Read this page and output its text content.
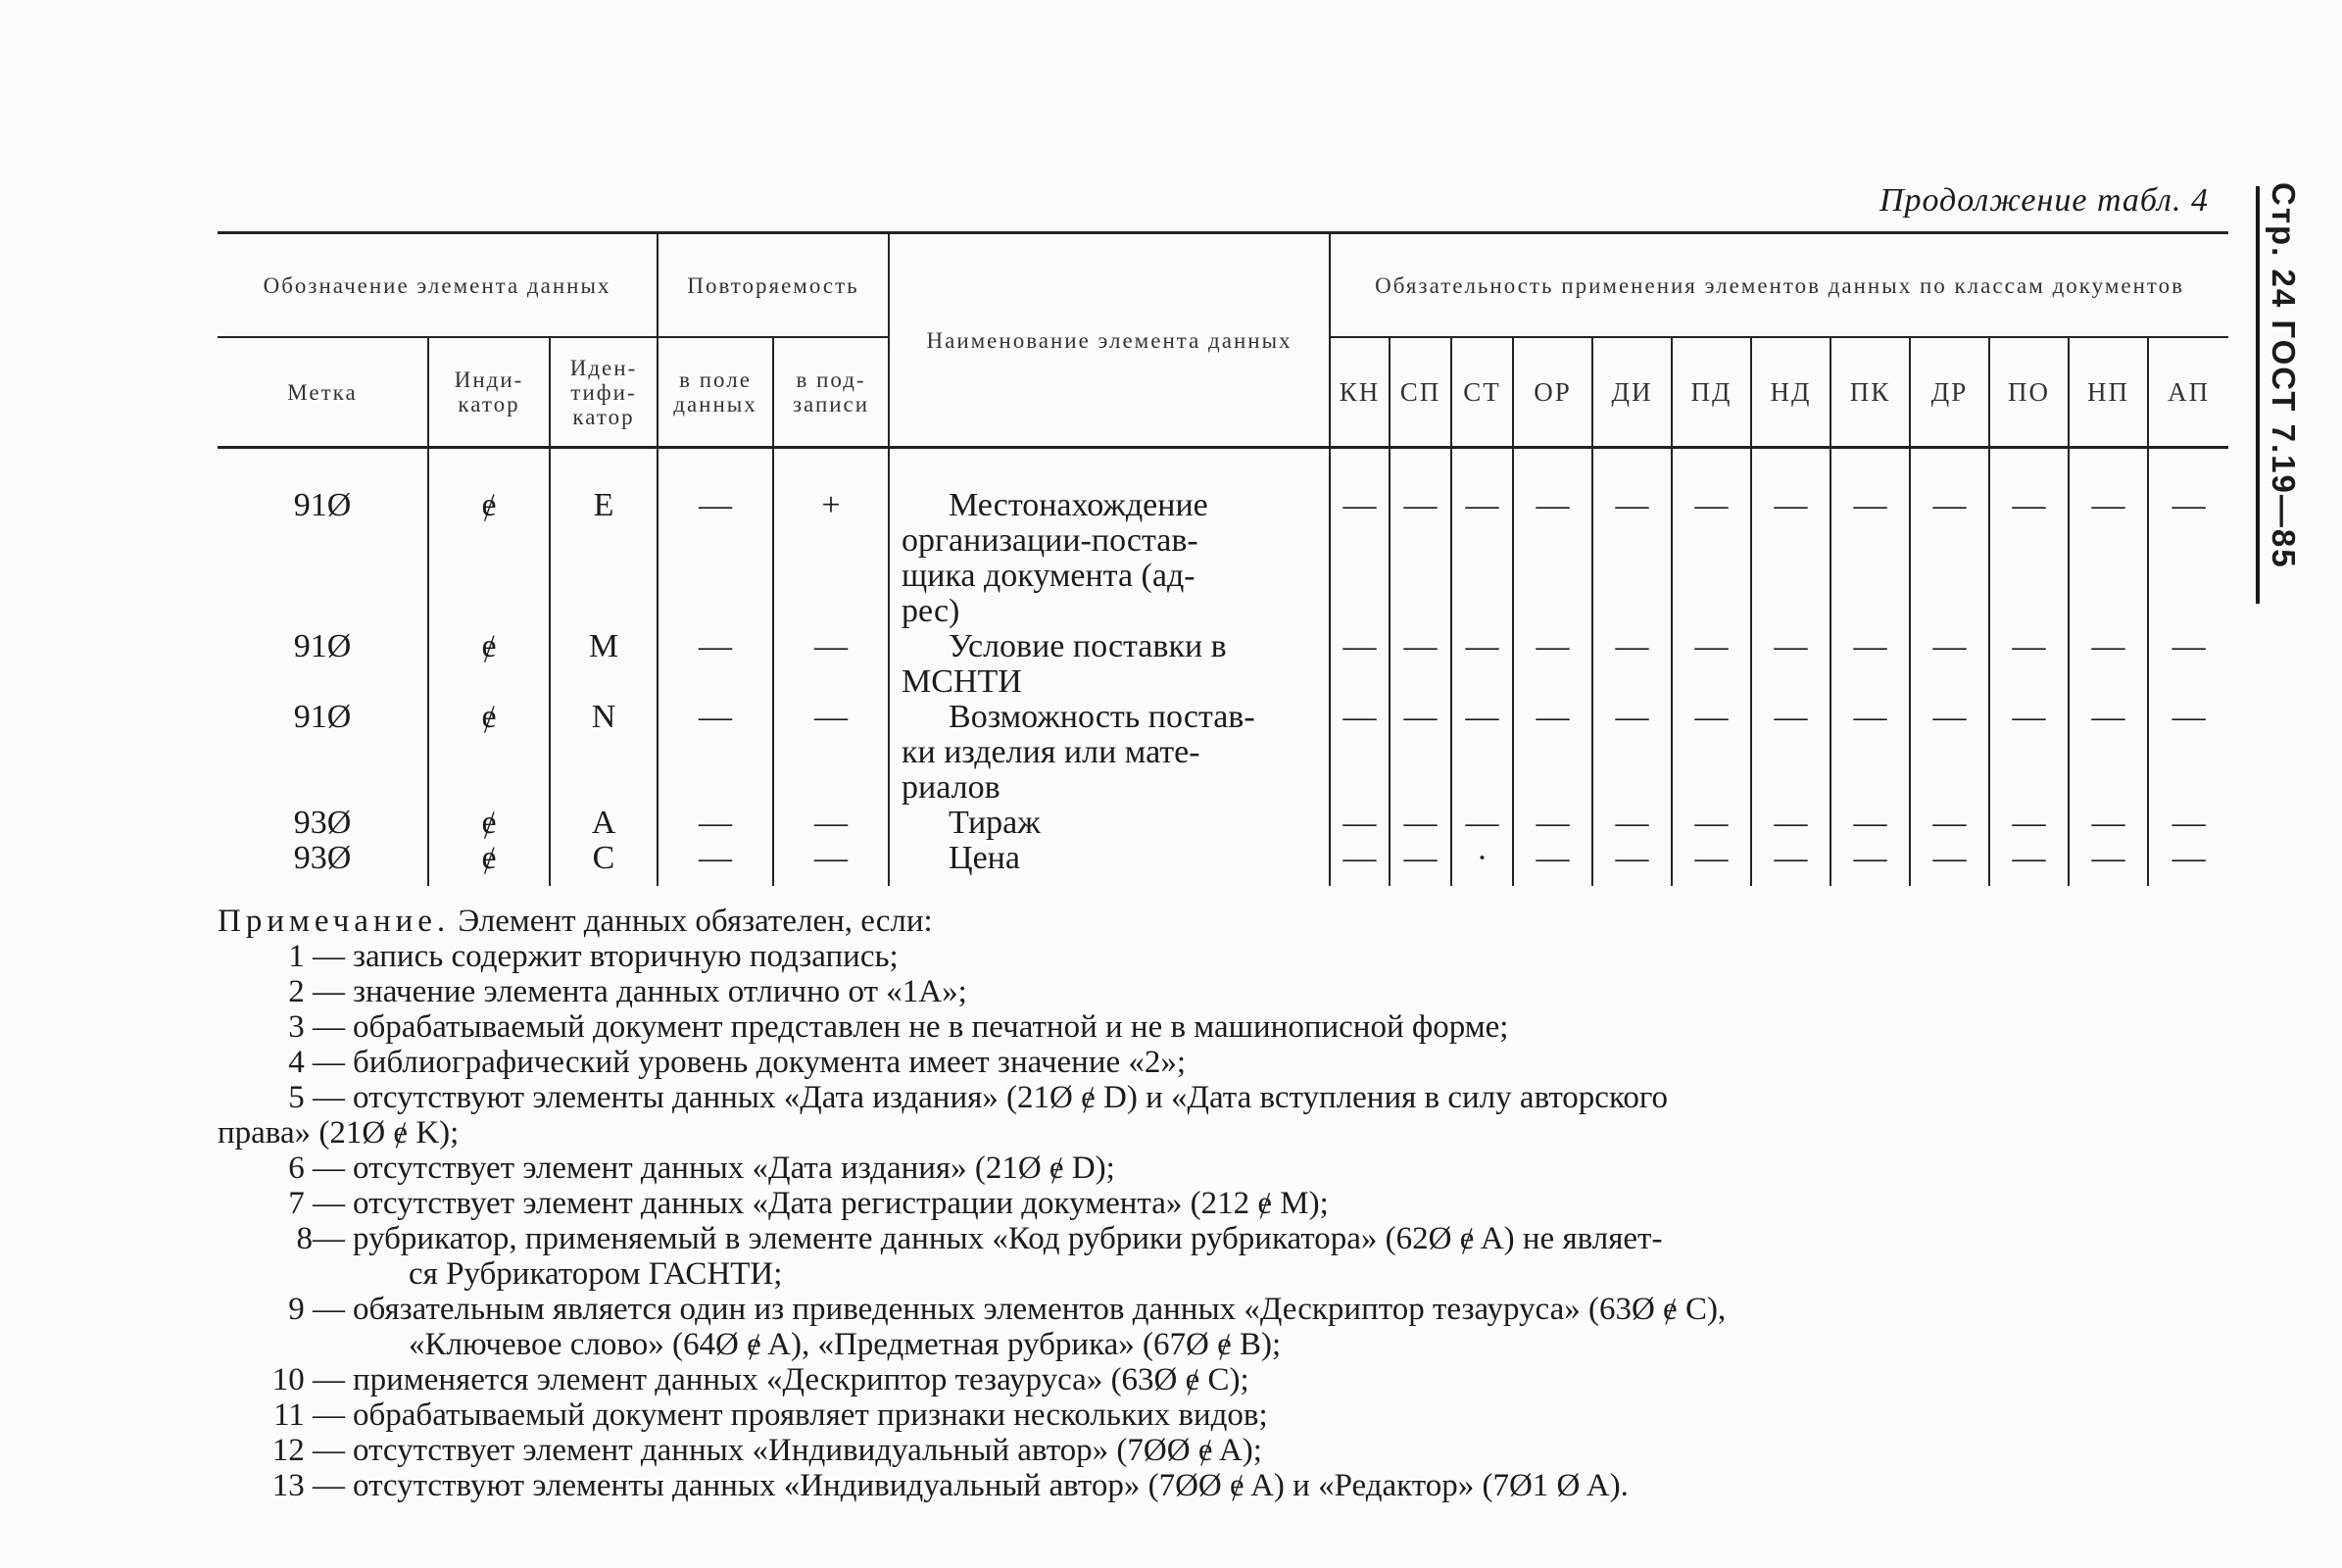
Продолжение табл. 4 Стр. 24 ГОСТ 7.19—85
Обозначение элемента данных			Повторяемость		Наименование элемента данных	Обязательность применения элементов данных по классам документов											
Метка	Инди-катор	Иден-тифи-катор	в поле данных	в под-записи		КН	СП	СТ	ОР	ДИ	ПД	НД	ПК	ДР	ПО	НП	АП
91Ø	ɇ	E	—	+	Местонахождение
организации-постав-
щика документа (ад-
рес)	—	—	—	—	—	—	—	—	—	—	—	—
91Ø	ɇ	M	—	—	Условие поставки в
МСНТИ	—	—	—	—	—	—	—	—	—	—	—	—
91Ø	ɇ	N	—	—	Возможность постав-
ки изделия или мате-
риалов	—	—	—	—	—	—	—	—	—	—	—	—
93Ø	ɇ	A	—	—	Тираж	—	—	—	—	—	—	—	—	—	—	—	—
93Ø	ɇ	C	—	—	Цена	—	—	·	—	—	—	—	—	—	—	—	—
Примечание. Элемент данных обязателен, если:
1 — запись содержит вторичную подзапись;
2 — значение элемента данных отлично от «1А»;
3 — обрабатываемый документ представлен не в печатной и не в машинописной форме;
4 — библиографический уровень документа имеет значение «2»;
5 — отсутствуют элементы данных «Дата издания» (21Ø ɇ D) и «Дата вступления в силу авторского
права» (21Ø ɇ K);
6 — отсутствует элемент данных «Дата издания» (21Ø ɇ D);
7 — отсутствует элемент данных «Дата регистрации документа» (212 ɇ M);
8— рубрикатор, применяемый в элементе данных «Код рубрики рубрикатора» (62Ø ɇ A) не являет-
ся Рубрикатором ГАСНТИ;
9 — обязательным является один из приведенных элементов данных «Дескриптор тезауруса» (63Ø ɇ C),
«Ключевое слово» (64Ø ɇ A), «Предметная рубрика» (67Ø ɇ B);
10 — применяется элемент данных «Дескриптор тезауруса» (63Ø ɇ C);
11 — обрабатываемый документ проявляет признаки нескольких видов;
12 — отсутствует элемент данных «Индивидуальный автор» (7ØØ ɇ A);
13 — отсутствуют элементы данных «Индивидуальный автор» (7ØØ ɇ A) и «Редактор» (7Ø1 Ø A).
